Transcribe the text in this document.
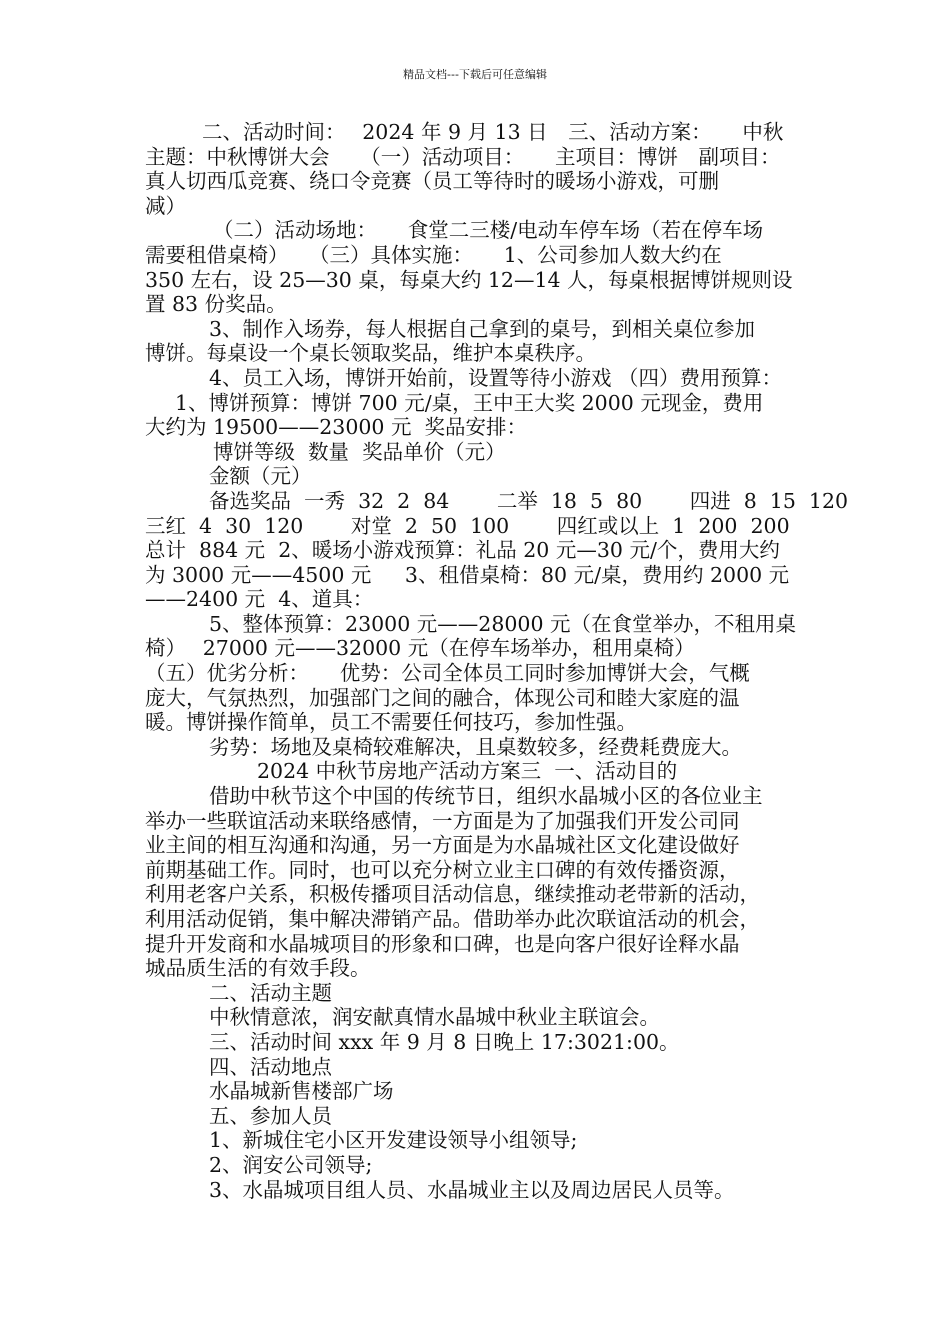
精品文档---下载后可任意编辑
二、活动时间：　 2024 年 9 月 13 日　三、活动方案：　　中秋
主题：中秋博饼大会　　（一）活动项目：　　主项目：博饼　副项目：
真人切西瓜竞赛、绕口令竞赛（员工等待时的暖场小游戏，可删
减）
（二）活动场地：　　食堂二三楼/电动车停车场（若在停车场
需要租借桌椅）　　（三）具体实施：　　1、公司参加人数大约在
350 左右，设 25—30 桌，每桌大约 12—14 人，每桌根据博饼规则设
置 83 份奖品。
3、制作入场券，每人根据自己拿到的桌号，到相关桌位参加
博饼。每桌设一个桌长领取奖品，维护本桌秩序。
4、员工入场，博饼开始前，设置等待小游戏 （四）费用预算：
1、博饼预算：博饼 700 元/桌，王中王大奖 2000 元现金，费用
大约为 19500——23000 元  奖品安排：
博饼等级  数量  奖品单价（元）
金额（元）
备选奖品  一秀  32  2  84　　 二举  18  5  80　　 四进  8  15  120
三红  4  30  120　　 对堂  2  50  100　　 四红或以上  1  200  200
总计  884 元  2、暖场小游戏预算：礼品 20 元—30 元/个，费用大约
为 3000 元——4500 元　  3、租借桌椅：80 元/桌，费用约 2000 元
——2400 元  4、道具：
5、整体预算：23000 元——28000 元（在食堂举办，不租用桌
椅）　 27000 元——32000 元（在停车场举办，租用桌椅）
（五）优劣分析：　　优势：公司全体员工同时参加博饼大会，气概
庞大，气氛热烈，加强部门之间的融合，体现公司和睦大家庭的温
暖。博饼操作简单，员工不需要任何技巧，参加性强。
劣势：场地及桌椅较难解决，且桌数较多，经费耗费庞大。
2024 中秋节房地产活动方案三  一、活动目的
借助中秋节这个中国的传统节日，组织水晶城小区的各位业主
举办一些联谊活动来联络感情，一方面是为了加强我们开发公司同
业主间的相互沟通和沟通，另一方面是为水晶城社区文化建设做好
前期基础工作。同时，也可以充分树立业主口碑的有效传播资源，
利用老客户关系，积极传播项目活动信息，继续推动老带新的活动，
利用活动促销，集中解决滞销产品。借助举办此次联谊活动的机会，
提升开发商和水晶城项目的形象和口碑，也是向客户很好诠释水晶
城品质生活的有效手段。
二、活动主题
中秋情意浓，润安献真情水晶城中秋业主联谊会。
三、活动时间 xxx 年 9 月 8 日晚上 17:3021:00。
四、活动地点
水晶城新售楼部广场
五、参加人员
1、新城住宅小区开发建设领导小组领导;
2、润安公司领导;
3、水晶城项目组人员、水晶城业主以及周边居民人员等。
